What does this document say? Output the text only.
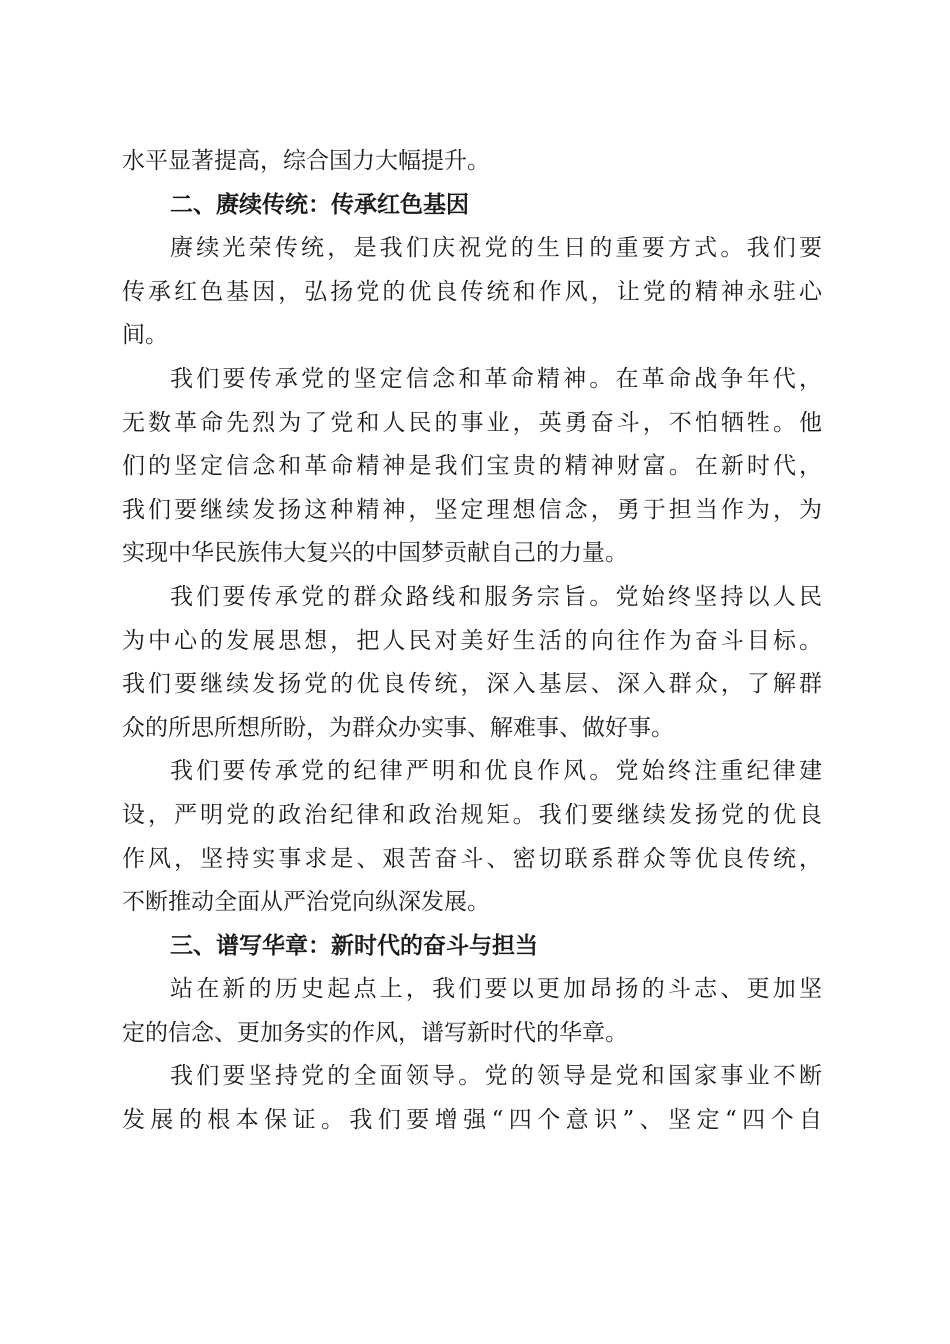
水平显著提高，综合国力大幅提升。
二、赓续传统：传承红色基因
赓续光荣传统，是我们庆祝党的生日的重要方式。我们要
传承红色基因，弘扬党的优良传统和作风，让党的精神永驻心
间。
我们要传承党的坚定信念和革命精神。在革命战争年代，
无数革命先烈为了党和人民的事业，英勇奋斗，不怕牺牲。他
们的坚定信念和革命精神是我们宝贵的精神财富。在新时代，
我们要继续发扬这种精神，坚定理想信念，勇于担当作为，为
实现中华民族伟大复兴的中国梦贡献自己的力量。
我们要传承党的群众路线和服务宗旨。党始终坚持以人民
为中心的发展思想，把人民对美好生活的向往作为奋斗目标。
我们要继续发扬党的优良传统，深入基层、深入群众，了解群
众的所思所想所盼，为群众办实事、解难事、做好事。
我们要传承党的纪律严明和优良作风。党始终注重纪律建
设，严明党的政治纪律和政治规矩。我们要继续发扬党的优良
作风，坚持实事求是、艰苦奋斗、密切联系群众等优良传统，
不断推动全面从严治党向纵深发展。
三、谱写华章：新时代的奋斗与担当
站在新的历史起点上，我们要以更加昂扬的斗志、更加坚
定的信念、更加务实的作风，谱写新时代的华章。
我们要坚持党的全面领导。党的领导是党和国家事业不断
发展的根本保证。我们要增强“四个意识”、坚定“四个自
